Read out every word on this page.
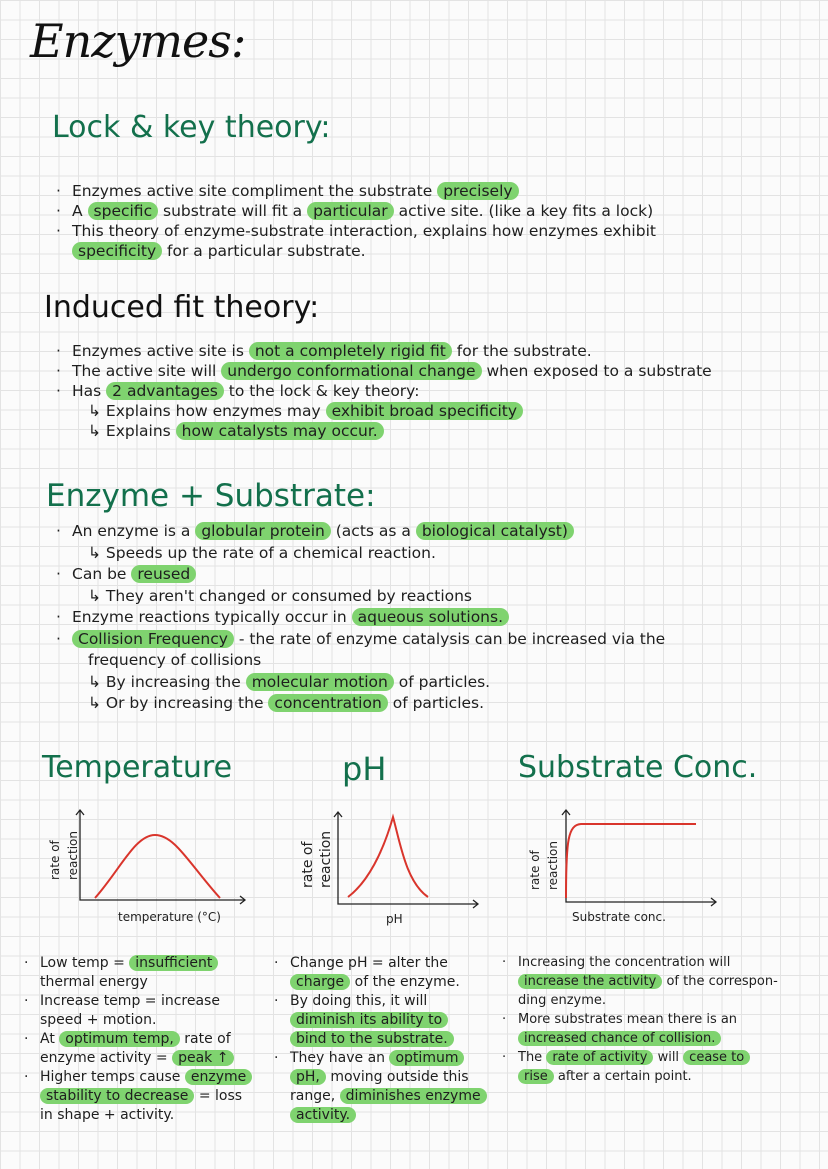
Enzymes:
Lock & key theory:
· Enzymes active site compliment the substrate precisely
· A specific substrate will fit a particular active site. (like a key fits a lock)
· This theory of enzyme-substrate interaction, explains how enzymes exhibit
specificity for a particular substrate.
Induced fit theory:
· Enzymes active site is not a completely rigid fit for the substrate.
· The active site will undergo conformational change when exposed to a substrate
· Has 2 advantages to the lock & key theory:
↳ Explains how enzymes may exhibit broad specificity
↳ Explains how catalysts may occur.
Enzyme + Substrate:
· An enzyme is a globular protein (acts as a biological catalyst)
↳ Speeds up the rate of a chemical reaction.
· Can be reused
↳ They aren't changed or consumed by reactions
· Enzyme reactions typically occur in aqueous solutions.
· Collision Frequency - the rate of enzyme catalysis can be increased via the
frequency of collisions
↳ By increasing the molecular motion of particles.
↳ Or by increasing the concentration of particles.
Temperature	pH	Substrate Conc.
rate of reaction
temperature (°C)
rate of reaction
pH
rate of reaction
Substrate conc.
· Low temp = insufficient
thermal energy
· Increase temp = increase
speed + motion.
· At optimum temp, rate of
enzyme activity = peak ↑
· Higher temps cause enzyme
stability to decrease = loss
in shape + activity.
· Change pH = alter the
charge of the enzyme.
· By doing this, it will
diminish its ability to
bind to the substrate.
· They have an optimum
pH, moving outside this
range, diminishes enzyme
activity.
· Increasing the concentration will
increase the activity of the correspon-
ding enzyme.
· More substrates mean there is an
increased chance of collision.
· The rate of activity will cease to
rise after a certain point.
